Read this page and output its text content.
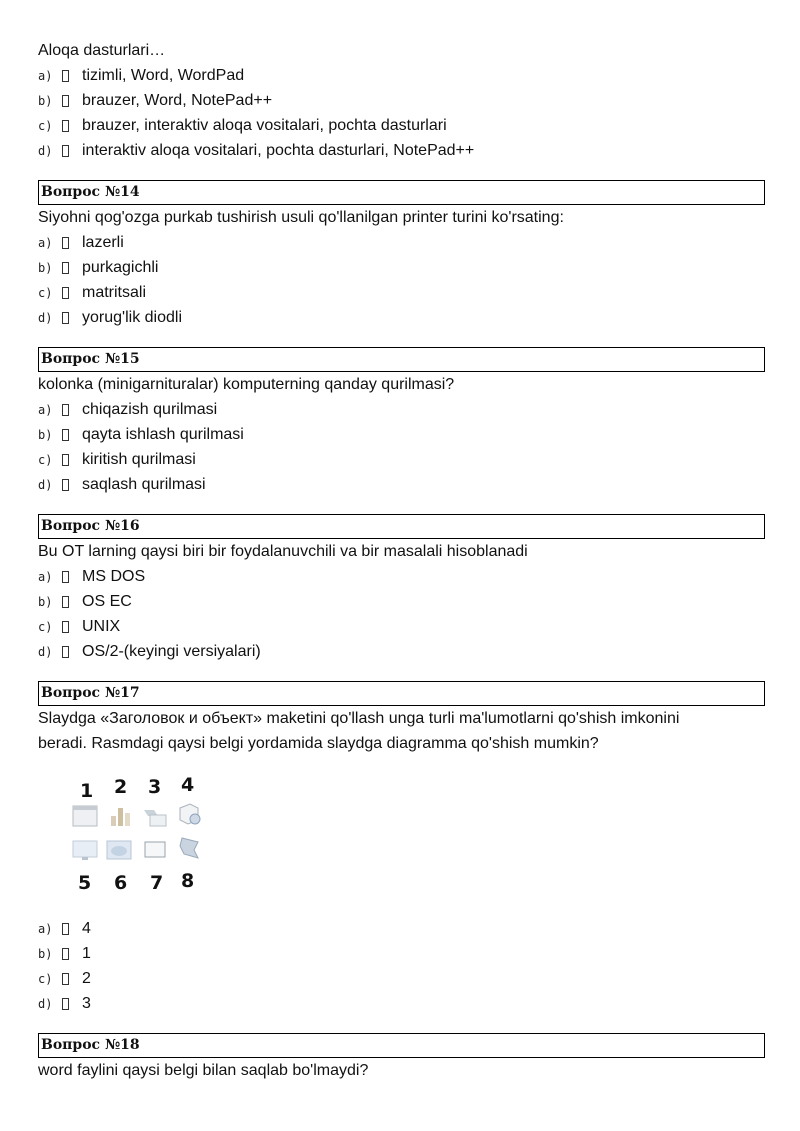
Aloqa dasturlari…

a)	tizimli, Word, WordPad
b)	brauzer, Word, NotePad++
c)	brauzer, interaktiv aloqa vositalari, pochta dasturlari
d)	interaktiv aloqa vositalari, pochta dasturlari, NotePad++
Вопрос №14

Siyohni qog'ozga purkab tushirish usuli qo'llanilgan printer turini ko'rsating:

a)	lazerli
b)	purkagichli
c)	matritsali
d)	yorug'lik diodli
Вопрос №15

kolonka (minigarnituralar) komputerning qanday qurilmasi?

a)	chiqazish qurilmasi
b)	qayta ishlash qurilmasi
c)	kiritish qurilmasi
d)	saqlash qurilmasi
Вопрос №16

Bu OT larning qaysi biri bir foydalanuvchili va bir masalali hisoblanadi

a)	MS DOS
b)	OS EC
c)	UNIX
d)	OS/2-(keyingi versiyalari)
Вопрос №17

Slaydga «Заголовок и объект» maketini qo'llash unga turli ma'lumotlarni qo'shish imkonini

beradi. Rasmdagi qaysi belgi yordamida slaydga diagramma qo'shish mumkin?

1 2 3 4
5 6 7 8
a)	4
b)	1
c)	2
d)	3
Вопрос №18

word faylini qaysi belgi bilan saqlab bo'lmaydi?
